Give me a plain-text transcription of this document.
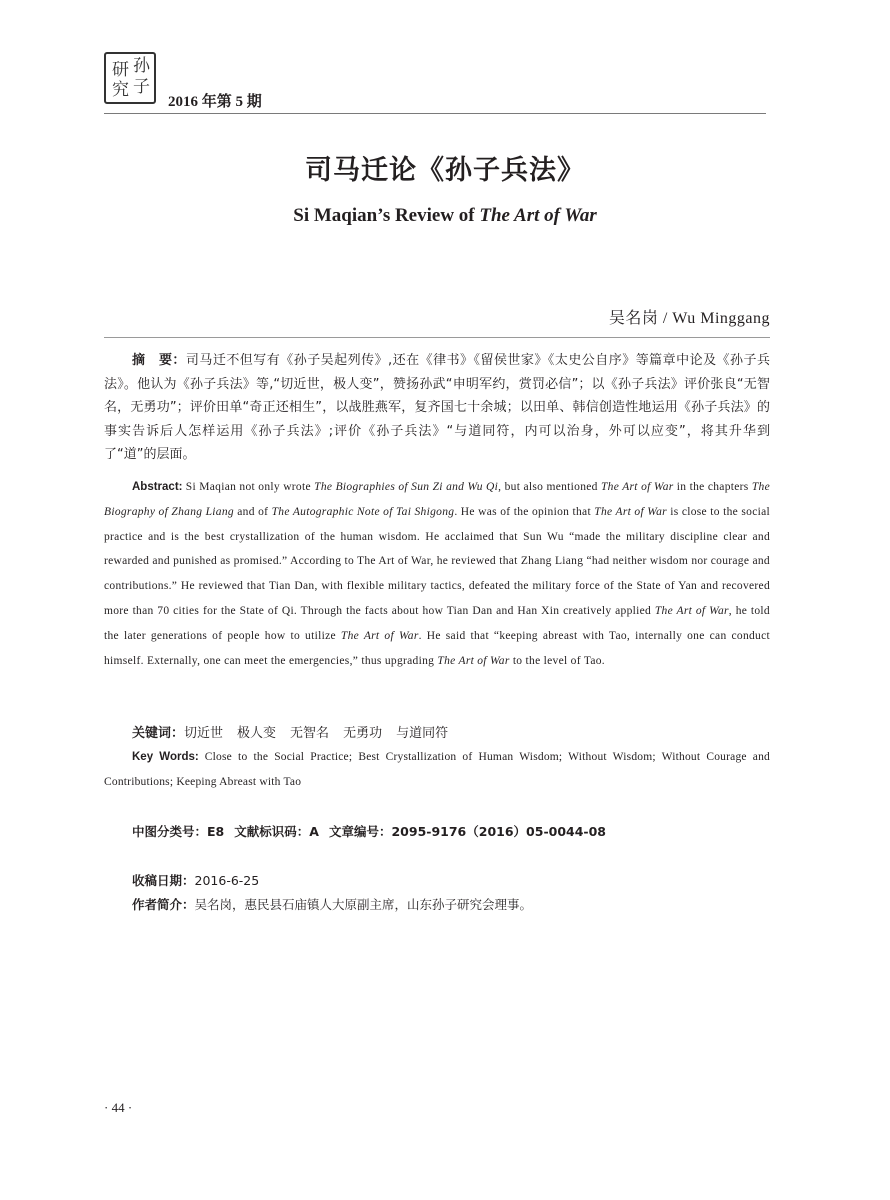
孙
子
研
究
2016 年第 5 期
司马迁论《孙子兵法》
Si Maqian’s Review of The Art of War
吴名岗 / Wu Minggang
摘　要：司马迁不但写有《孙子吴起列传》,还在《律书》《留侯世家》《太史公自序》等篇章中论及《孙子兵法》。他认为《孙子兵法》等,“切近世，极人变”，赞扬孙武“申明军约，赏罚必信”；以《孙子兵法》评价张良“无智名，无勇功”；评价田单“奇正还相生”，以战胜燕军，复齐国七十余城；以田单、韩信创造性地运用《孙子兵法》的事实告诉后人怎样运用《孙子兵法》;评价《孙子兵法》“与道同符，内可以治身，外可以应变”，将其升华到了“道”的层面。
Abstract: Si Maqian not only wrote The Biographies of Sun Zi and Wu Qi, but also mentioned The Art of War in the chapters The Biography of Zhang Liang and of The Autographic Note of Tai Shigong. He was of the opinion that The Art of War is close to the social practice and is the best crystallization of the human wisdom. He acclaimed that Sun Wu “made the military discipline clear and rewarded and punished as promised.” According to The Art of War, he reviewed that Zhang Liang “had neither wisdom nor courage and contributions.” He reviewed that Tian Dan, with flexible military tactics, defeated the military force of the State of Yan and recovered more than 70 cities for the State of Qi. Through the facts about how Tian Dan and Han Xin creatively applied The Art of War, he told the later generations of people how to utilize The Art of War. He said that “keeping abreast with Tao, internally one can conduct himself. Externally, one can meet the emergencies,” thus upgrading The Art of War to the level of Tao.
关键词：切近世 极人变 无智名 无勇功 与道同符
Key Words: Close to the Social Practice; Best Crystallization of Human Wisdom; Without Wisdom; Without Courage and Contributions; Keeping Abreast with Tao
中图分类号：E8 文献标识码：A 文章编号：2095-9176（2016）05-0044-08
收稿日期：2016-6-25
作者简介：吴名岗，惠民县石庙镇人大原副主席，山东孙子研究会理事。
· 44 ·
